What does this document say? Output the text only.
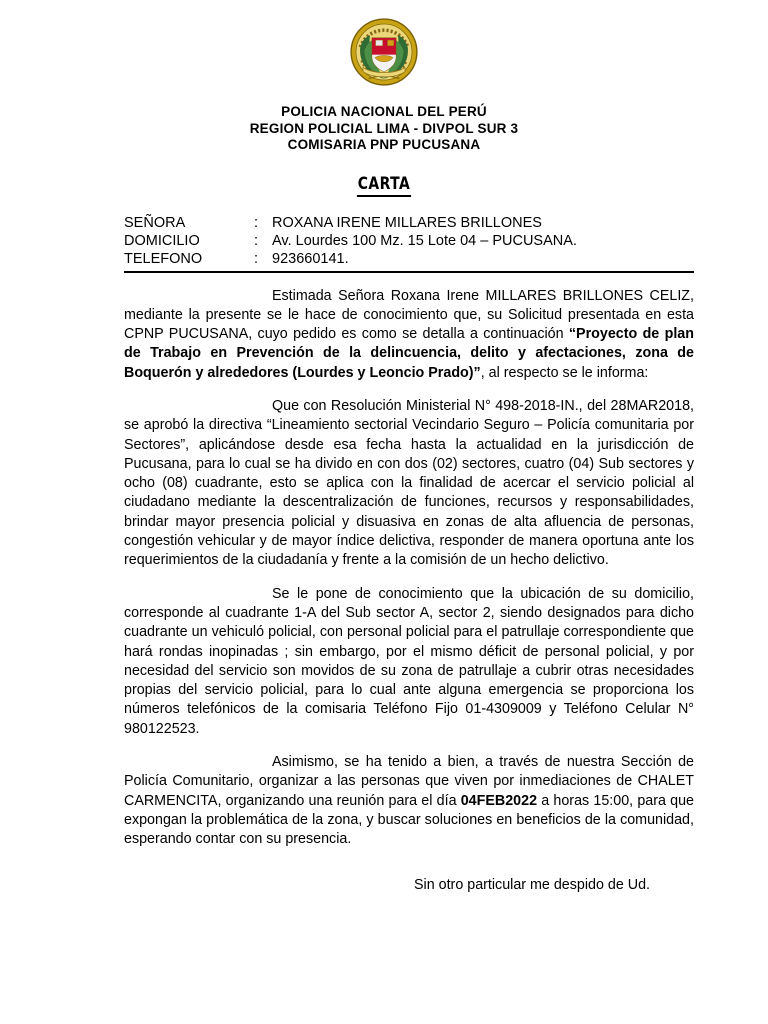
POLICIA NACIONAL DEL PERÚ
REGION POLICIAL LIMA - DIVPOL SUR 3
COMISARIA PNP PUCUSANA
CARTA
SEÑORA	: ROXANA IRENE MILLARES BRILLONES
DOMICILIO	: Av. Lourdes 100 Mz. 15 Lote 04 – PUCUSANA.
TELEFONO	: 923660141.

Estimada Señora Roxana Irene MILLARES BRILLONES CELIZ, mediante la presente se le hace de conocimiento que, su Solicitud presentada en esta CPNP PUCUSANA, cuyo pedido es como se detalla a continuación “Proyecto de plan de Trabajo en Prevención de la delincuencia, delito y afectaciones, zona de Boquerón y alrededores (Lourdes y Leoncio Prado)”, al respecto se le informa:

Que con Resolución Ministerial N° 498-2018-IN., del 28MAR2018, se aprobó la directiva “Lineamiento sectorial Vecindario Seguro – Policía comunitaria por Sectores”, aplicándose desde esa fecha hasta la actualidad en la jurisdicción de Pucusana, para lo cual se ha divido en con dos (02) sectores, cuatro (04) Sub sectores y ocho (08) cuadrante, esto se aplica con la finalidad de acercar el servicio policial al ciudadano mediante la descentralización de funciones, recursos y responsabilidades, brindar mayor presencia policial y disuasiva en zonas de alta afluencia de personas, congestión vehicular y de mayor índice delictiva, responder de manera oportuna ante los requerimientos de la ciudadanía y frente a la comisión de un hecho delictivo.

Se le pone de conocimiento que la ubicación de su domicilio, corresponde al cuadrante 1-A del Sub sector A, sector 2, siendo designados para dicho cuadrante un vehiculó policial, con personal policial para el patrullaje correspondiente que hará rondas inopinadas ; sin embargo, por el mismo déficit de personal policial, y por necesidad del servicio son movidos de su zona de patrullaje a cubrir otras necesidades propias del servicio policial, para lo cual ante alguna emergencia se proporciona los números telefónicos de la comisaria Teléfono Fijo 01-4309009 y Teléfono Celular N° 980122523.

Asimismo, se ha tenido a bien, a través de nuestra Sección de Policía Comunitario, organizar a las personas que viven por inmediaciones de CHALET CARMENCITA, organizando una reunión para el día 04FEB2022 a horas 15:00, para que expongan la problemática de la zona, y buscar soluciones en beneficios de la comunidad, esperando contar con su presencia.

Sin otro particular me despido de Ud.
